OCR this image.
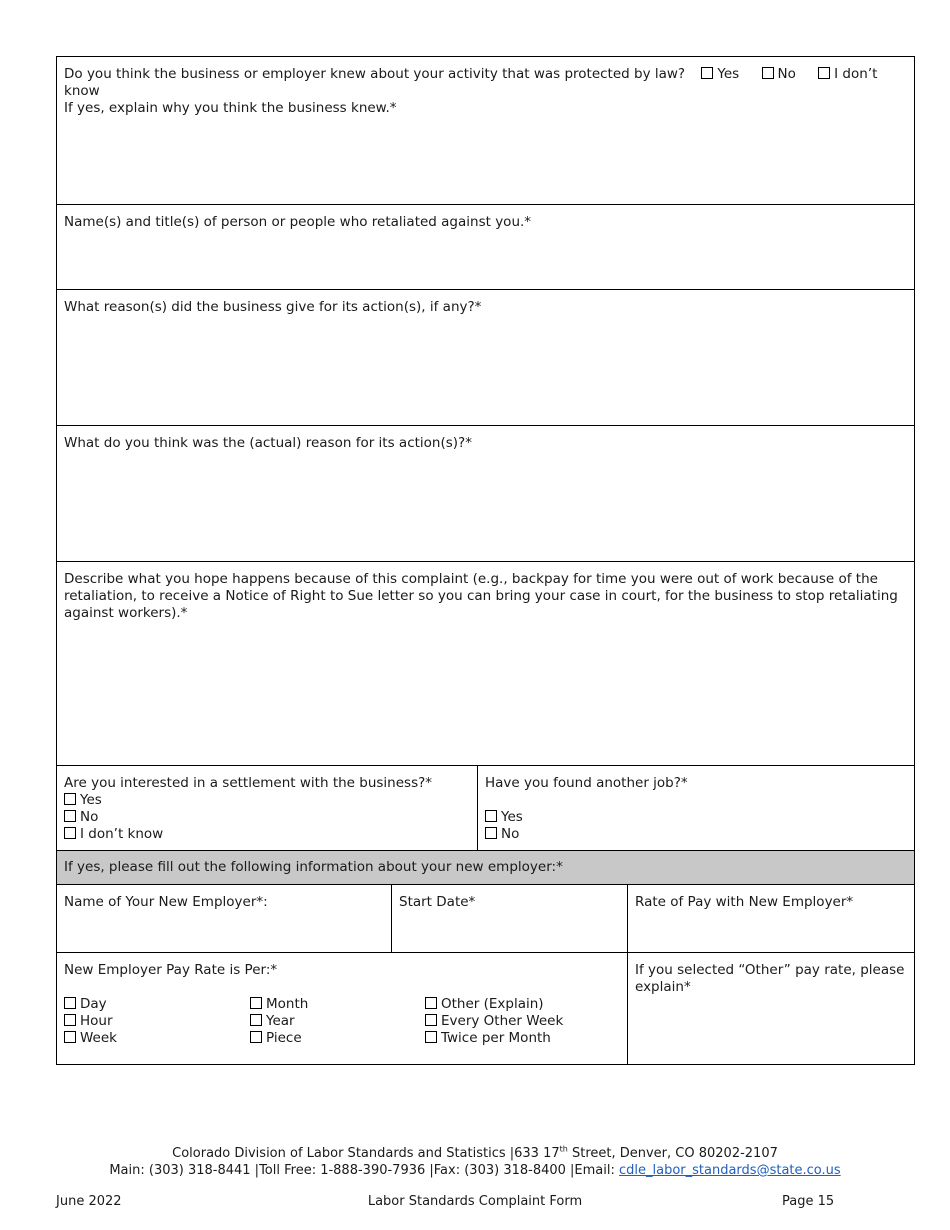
Do you think the business or employer knew about your activity that was protected by law? Yes	No	I don’t know
If yes, explain why you think the business knew.*
Name(s) and title(s) of person or people who retaliated against you.*
What reason(s) did the business give for its action(s), if any?*
What do you think was the (actual) reason for its action(s)?*
Describe what you hope happens because of this complaint (e.g., backpay for time you were out of work because of the retaliation, to receive a Notice of Right to Sue letter so you can bring your case in court, for the business to stop retaliating against workers).*
Are you interested in a settlement with the business?*
Yes
No
I don’t know
Have you found another job?*
Yes
No
If yes, please fill out the following information about your new employer:*
Name of Your New Employer*:	Start Date*	Rate of Pay with New Employer*
New Employer Pay Rate is Per:*
Day
Hour
Week
Month
Year
Piece
Other (Explain)
Every Other Week
Twice per Month
If you selected “Other” pay rate, please explain*
Colorado Division of Labor Standards and Statistics |633 17th Street, Denver, CO 80202-2107
Main: (303) 318-8441 |Toll Free: 1-888-390-7936 |Fax: (303) 318-8400 |Email: cdle_labor_standards@state.co.us
June 2022	Labor Standards Complaint Form	Page 15
